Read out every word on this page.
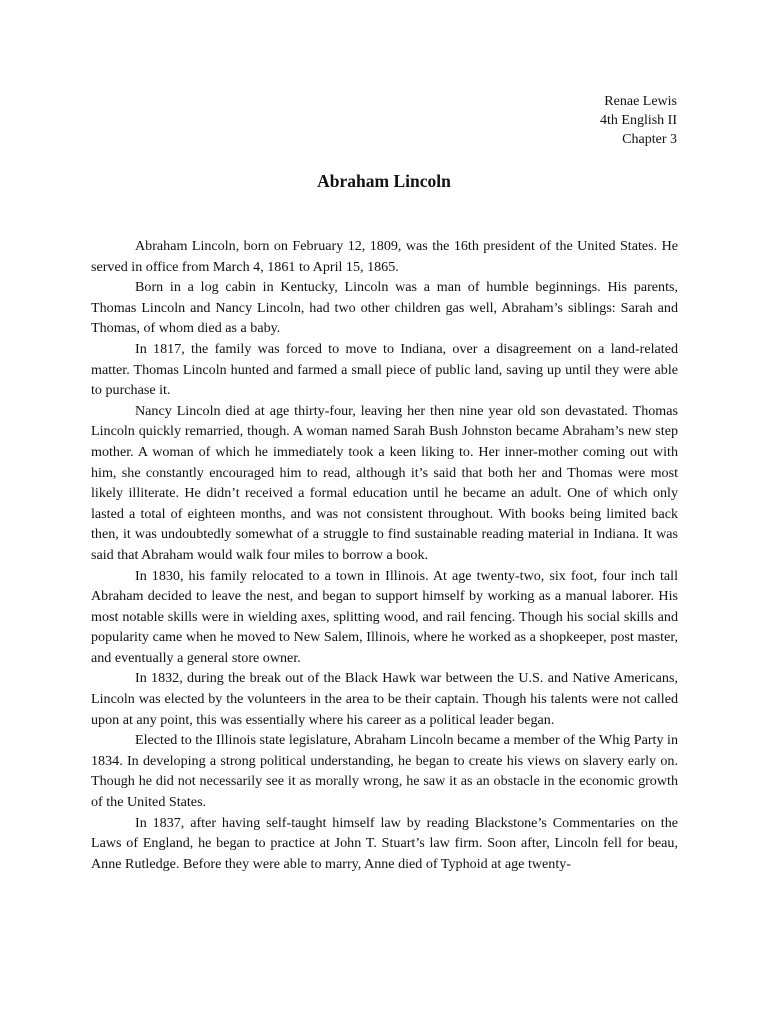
Renae Lewis
4th English II
Chapter 3
Abraham Lincoln

Abraham Lincoln, born on February 12, 1809, was the 16th president of the United States. He served in office from March 4, 1861 to April 15, 1865.

Born in a log cabin in Kentucky, Lincoln was a man of humble beginnings. His parents, Thomas Lincoln and Nancy Lincoln, had two other children gas well, Abraham’s siblings: Sarah and Thomas, of whom died as a baby.

In 1817, the family was forced to move to Indiana, over a disagreement on a land-related matter. Thomas Lincoln hunted and farmed a small piece of public land, saving up until they were able to purchase it.

Nancy Lincoln died at age thirty-four, leaving her then nine year old son devastated. Thomas Lincoln quickly remarried, though. A woman named Sarah Bush Johnston became Abraham’s new step mother. A woman of which he immediately took a keen liking to. Her inner-mother coming out with him, she constantly encouraged him to read, although it’s said that both her and Thomas were most likely illiterate. He didn’t received a formal education until he became an adult. One of which only lasted a total of eighteen months, and was not consistent throughout. With books being limited back then, it was undoubtedly somewhat of a struggle to find sustainable reading material in Indiana. It was said that Abraham would walk four miles to borrow a book.

In 1830, his family relocated to a town in Illinois. At age twenty-two, six foot, four inch tall Abraham decided to leave the nest, and began to support himself by working as a manual laborer. His most notable skills were in wielding axes, splitting wood, and rail fencing. Though his social skills and popularity came when he moved to New Salem, Illinois, where he worked as a shopkeeper, post master, and eventually a general store owner.

In 1832, during the break out of the Black Hawk war between the U.S. and Native Americans, Lincoln was elected by the volunteers in the area to be their captain. Though his talents were not called upon at any point, this was essentially where his career as a political leader began.

Elected to the Illinois state legislature, Abraham Lincoln became a member of the Whig Party in 1834. In developing a strong political understanding, he began to create his views on slavery early on. Though he did not necessarily see it as morally wrong, he saw it as an obstacle in the economic growth of the United States.

In 1837, after having self-taught himself law by reading Blackstone’s Commentaries on the Laws of England, he began to practice at John T. Stuart’s law firm. Soon after, Lincoln fell for beau, Anne Rutledge. Before they were able to marry, Anne died of Typhoid at age twenty-
